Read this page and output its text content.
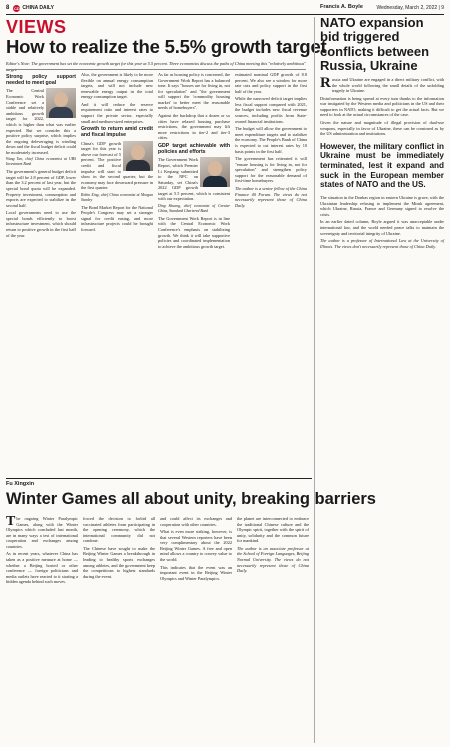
8 CD CHINA DAILY	Wednesday, March 2, 2022 | 9
VIEWS
How to realize the 5.5% growth target
Editor's Note: The government has set the economic growth target for this year at 5.5 percent. Three economists discuss the paths of China meeting this "relatively ambitious" target.
Strong policy support needed to meet goal

The Central Economic Work Conference set a stable and relatively ambitious growth target for 2022, which is higher than what was earlier expected. But we consider this a positive policy surprise, which implies the ongoing deleveraging is winding down and the fiscal budget deficit could be moderately increased.

Wang Tao, chief China economist at UBS Investment Bank

The government's general budget deficit target will be 2.8 percent of GDP, lower than the 3.2 percent of last year, but the special bond quota will be expanded. Property investment, consumption and exports are expected to stabilize in the second half.

Local governments need to use the special bonds efficiently to boost infrastructure investment, which should return to positive growth in the first half of the year.

Also, the government is likely to be more flexible on annual energy consumption targets, and will not include new renewable energy output in the total energy consumption target.

And it will reduce the reserve requirement ratio and interest rates to support the private sector, especially small and medium-sized enterprises.

Growth to return amid credit and fiscal impulse

China's GDP growth target for this year is above our forecast of 5 percent. The positive credit and fiscal impulse will start to show in the second quarter, but the economy may face downward pressure in the first quarter.

Robin Xing, chief China economist at Morgan Stanley

The Bond Market Report for the National People's Congress may set a stronger signal for credit easing, and more infrastructure projects could be brought forward.

As far as housing policy is concerned, the Government Work Report has a balanced tone. It says "houses are for living in, not for speculation" and "the government will support the 'commodity housing market' to better meet the reasonable needs of homebuyers".

Against the backdrop that a dozen or so cities have relaxed housing purchase restrictions, the government may lift more restrictions in tier-2 and tier-3 cities.

GDP target achievable with policies and efforts

The Government Work Report, which Premier Li Keqiang submitted to the NPC on Saturday, set China's 2022 GDP growth target at 5.5 percent, which is consistent with our expectation.

Ding Shuang, chief economist of Greater China, Standard Chartered Bank

The Government Work Report is in line with the Central Economic Work Conference's emphasis on stabilizing growth. We think it will take supportive policies and coordinated implementation to achieve the ambitious growth target.

estimated nominal GDP growth of 8.8 percent. We also see a window for more rate cuts and policy support in the first half of the year.

While the narrowed deficit target implies less fiscal support compared with 2021, the budget includes new fiscal revenue sources, including profits from State-owned financial institutions.

The budget will allow the government to meet expenditure targets and to stabilize the economy. The People's Bank of China is expected to cut interest rates by 10 basis points in the first half.

The government has reiterated it will "ensure housing is for living in, not for speculation" and strengthen policy support for the reasonable demand of first-time homebuyers.

The author is a senior fellow of the China Finance 40 Forum. The views do not necessarily represent those of China Daily.

Francis A. Boyle
NATO expansion bid triggered conflicts between Russia, Ukraine

Russia and Ukraine are engaged in a direct military conflict, with the whole world following the small details of the unfolding tragedy in Ukraine.

Disinformation is being spread at every turn thanks to the information war instigated by the Western media and politicians in the US and their supporters in NATO, making it difficult to get the actual facts. But we need to look at the actual circumstances of the case.

Given the nature and magnitude of illegal provision of dual-use weapons, especially in favor of Ukraine, these can be construed as by the US administration and institutions.

However, the military conflict in Ukraine must be immediately terminated, lest it expand and suck in the European member states of NATO and the US.

The situation in the Donbas region in eastern Ukraine is grave, with the Ukrainian leadership refusing to implement the Minsk agreement, which Ukraine, Russia, France and Germany signed to resolve the crisis.

In an earlier dated column, Boyle argued it was unacceptable under international law, and the world needed peace talks to maintain the sovereignty and territorial integrity of Ukraine.

The author is a professor of International Law at the University of Illinois. The views don't necessarily represent those of China Daily.

Fu Xingxin
Winter Games all about unity, breaking barriers

The ongoing Winter Paralympic Games, along with the Winter Olympics which concluded last month, are in many ways a test of international cooperation and exchanges among countries.

As in recent years, whatever China has taken as a positive measure at home — whether a Beijing hosted or other conference — foreign politicians and media outlets have reacted to it starting a hidden agenda behind such moves.

forced the decision to forbid all vaccinated athletes from participating in the opening ceremony, which the international community did not condone.

The Chinese have sought to make the Beijing Winter Games a breakthrough in leading to healthy sports exchanges among athletes, and the government keep the competitions to highest standards during the event.

and could affect its exchanges and cooperation with other countries.

What is even more striking, however, is that several Western reporters have been very complimentary about the 2022 Beijing Winter Games. A free and open mind allows a country to convey value to the world.

This indicates that the event was an important event in the Beijing Winter Olympics and Winter Paralympics.

the planet are interconnected to embrace the traditional Chinese culture and the Olympic spirit, together with the spirit of unity, solidarity and the common future for mankind.

The author is an associate professor at the School of Foreign Languages, Beijing Normal University. The views do not necessarily represent those of China Daily.
